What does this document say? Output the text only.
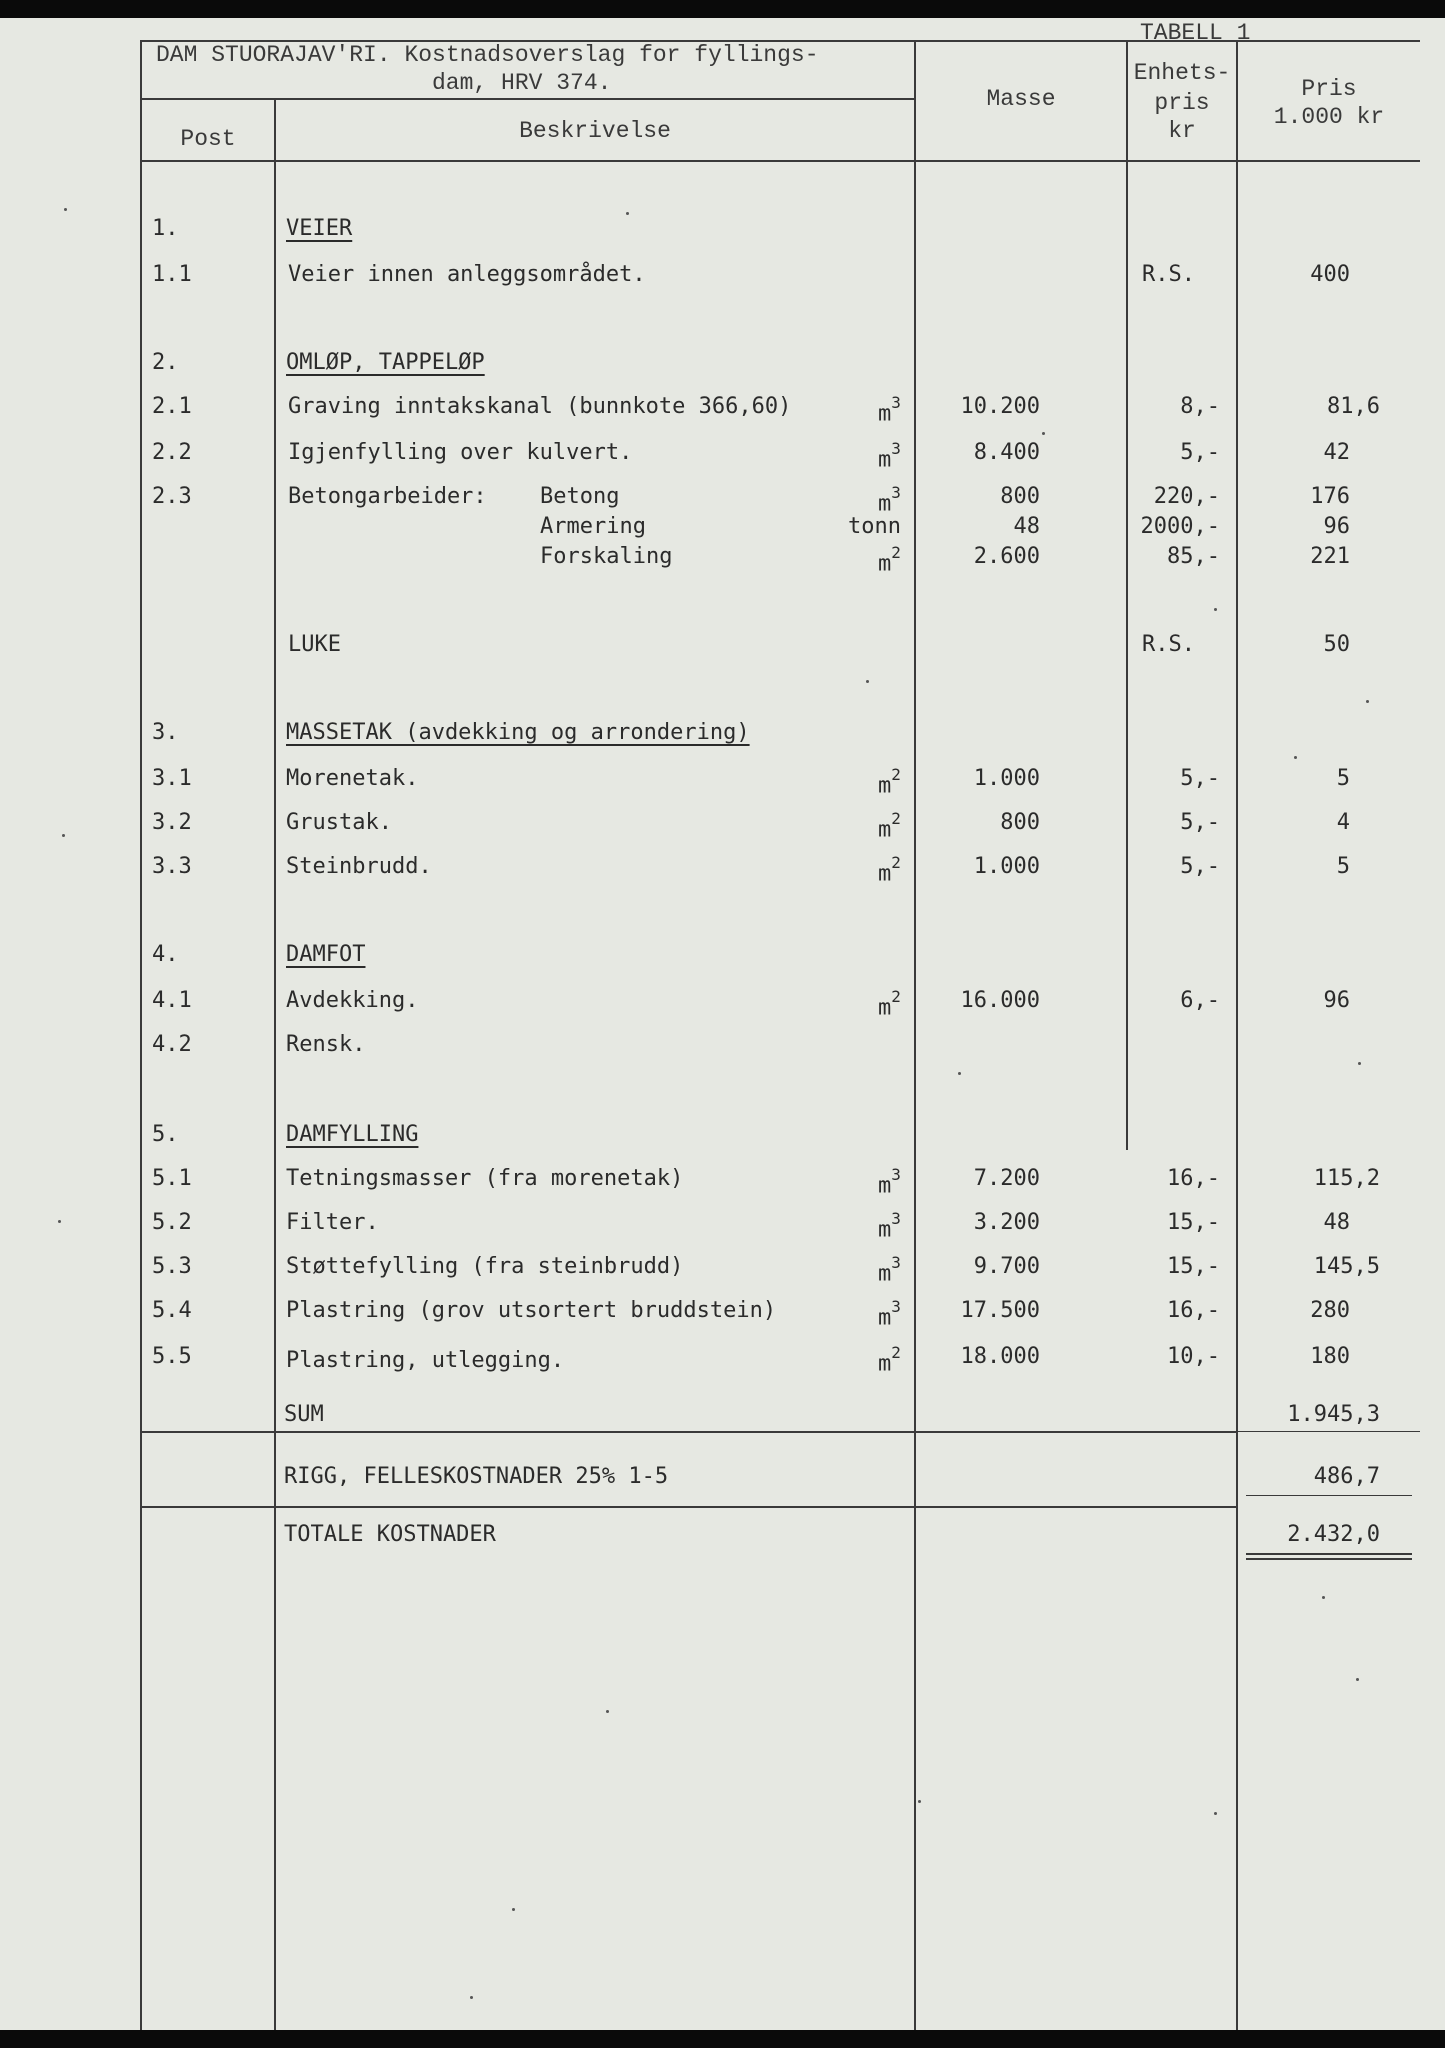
TABELL 1
DAM STUORAJAV'RI. Kostnadsoverslag for fyllings-
dam, HRV 374.
Post	Beskrivelse
Masse
Enhets-
pris
kr
Pris
1.000 kr
1.	VEIER
1.1	Veier innen anleggsområdet.	R.S.	400
2.	OMLØP, TAPPELØP
2.1	Graving inntakskanal (bunnkote 366,60)	$m^3$	10.200	8,-	81,6
2.2	Igjenfylling over kulvert.	$m^3$	8.400	5,-	42
2.3	Betongarbeider: Betong	$m^3$	800	220,-	176
Armering	tonn	48	2000,-	96
Forskaling	$m^2$	2.600	85,-	221
LUKE	R.S.	50
3.	MASSETAK (avdekking og arrondering)
3.1	Morenetak.	$m^2$	1.000	5,-	5
3.2	Grustak.	$m^2$	800	5,-	4
3.3	Steinbrudd.	$m^2$	1.000	5,-	5
4.	DAMFOT
4.1	Avdekking.	$m^2$	16.000	6,-	96
4.2	Rensk.
5.	DAMFYLLING
5.1	Tetningsmasser (fra morenetak)	$m^3$	7.200	16,-	115,2
5.2	Filter.	$m^3$	3.200	15,-	48
5.3	Støttefylling (fra steinbrudd)	$m^3$	9.700	15,-	145,5
5.4	Plastring (grov utsortert bruddstein)	$m^3$	17.500	16,-	280
5.5	Plastring, utlegging.	$m^2$	18.000	10,-	180
SUM	1.945,3
RIGG, FELLESKOSTNADER 25% 1-5	486,7
TOTALE KOSTNADER	2.432,0
